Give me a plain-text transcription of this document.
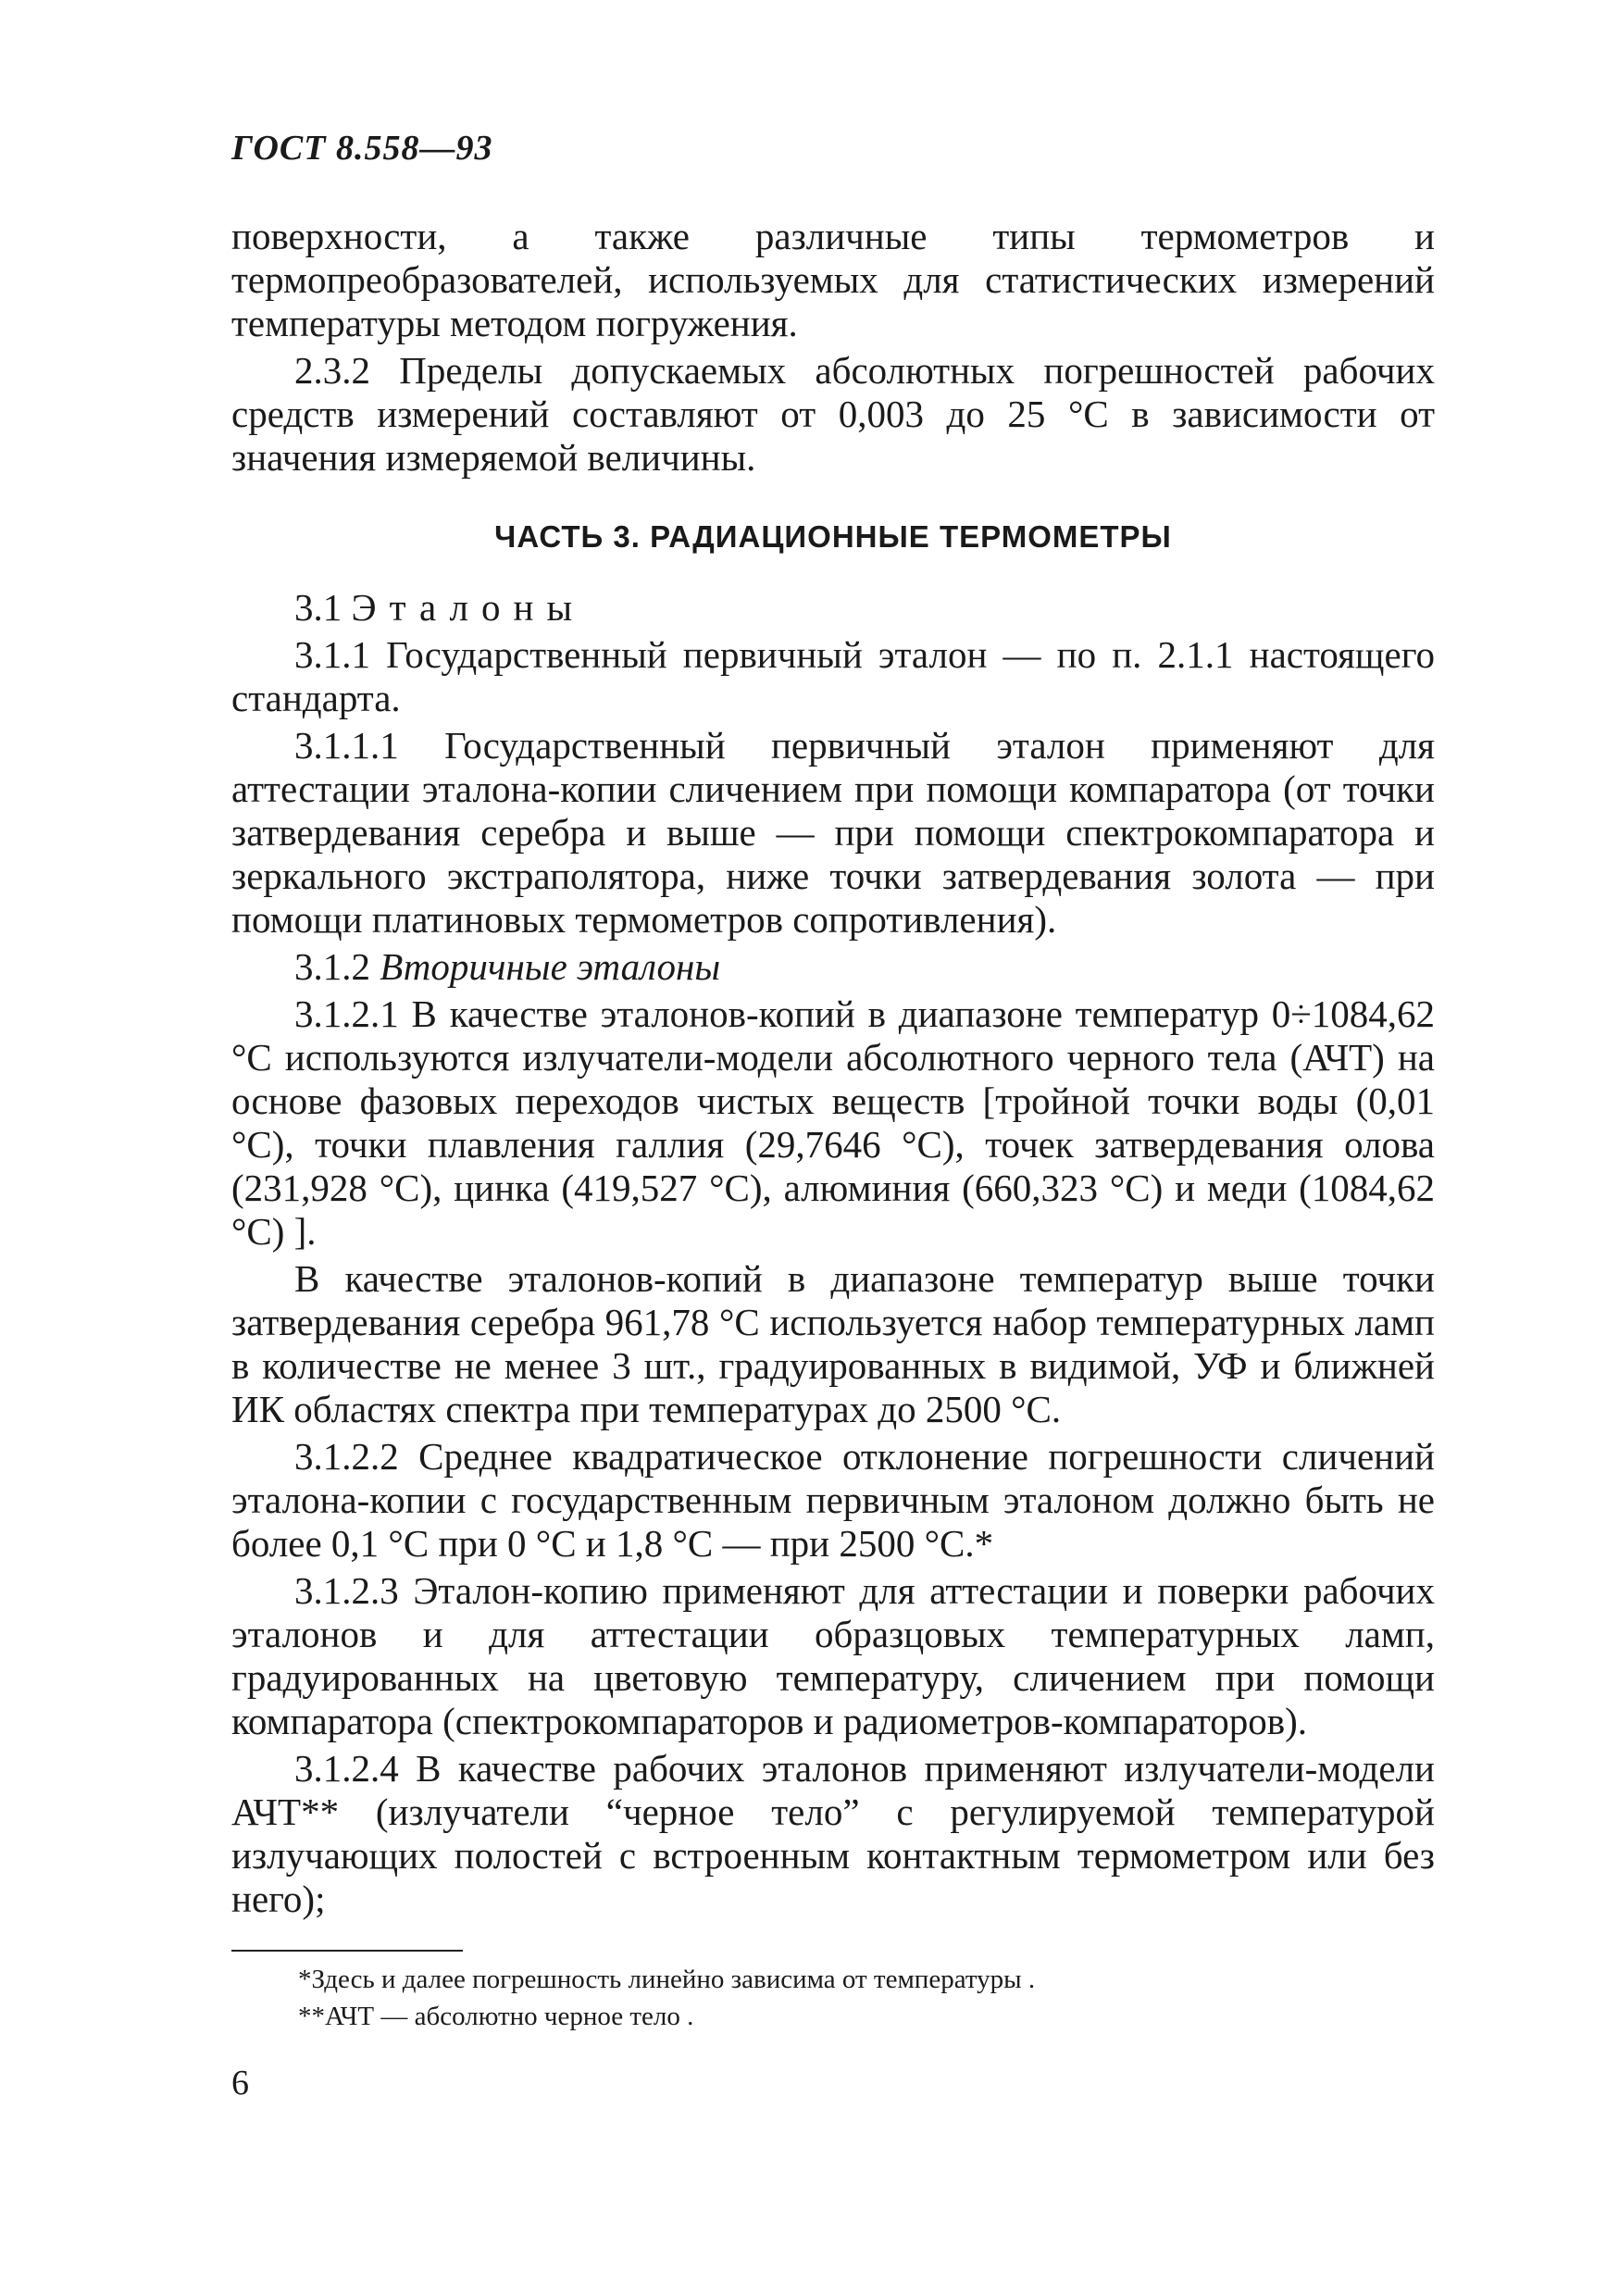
ГОСТ 8.558—93

поверхности, а также различные типы термометров и термопреобразователей, используемых для статистических измерений температуры методом погружения.

2.3.2 Пределы допускаемых абсолютных погрешностей рабочих средств измерений составляют от 0,003 до 25 °С в зависимости от значения измеряемой величины.

ЧАСТЬ 3. РАДИАЦИОННЫЕ ТЕРМОМЕТРЫ

3.1 Эталоны

3.1.1 Государственный первичный эталон — по п. 2.1.1 настоящего стандарта.

3.1.1.1 Государственный первичный эталон применяют для аттестации эталона-копии сличением при помощи компаратора (от точки затвердевания серебра и выше — при помощи спектрокомпаратора и зеркального экстраполятора, ниже точки затвердевания золота — при помощи платиновых термометров сопротивления).

3.1.2 Вторичные эталоны

3.1.2.1 В качестве эталонов-копий в диапазоне температур 0÷1084,62 °С используются излучатели-модели абсолютного черного тела (АЧТ) на основе фазовых переходов чистых веществ [тройной точки воды (0,01 °С), точки плавления галлия (29,7646 °С), точек затвердевания олова (231,928 °С), цинка (419,527 °С), алюминия (660,323 °С) и меди (1084,62 °С) ].

В качестве эталонов-копий в диапазоне температур выше точки затвердевания серебра 961,78 °С используется набор температурных ламп в количестве не менее 3 шт., градуированных в видимой, УФ и ближней ИК областях спектра при температурах до 2500 °С.

3.1.2.2 Среднее квадратическое отклонение погрешности сличений эталона-копии с государственным первичным эталоном должно быть не более 0,1 °С при 0 °С и 1,8 °С — при 2500 °С.*

3.1.2.3 Эталон-копию применяют для аттестации и поверки рабочих эталонов и для аттестации образцовых температурных ламп, градуированных на цветовую температуру, сличением при помощи компаратора (спектрокомпараторов и радиометров-компараторов).

3.1.2.4 В качестве рабочих эталонов применяют излучатели-модели АЧТ** (излучатели “черное тело” с регулируемой температурой излучающих полостей с встроенным контактным термометром или без него);

*Здесь и далее погрешность линейно зависима от температуры .
**АЧТ — абсолютно черное тело .
6
